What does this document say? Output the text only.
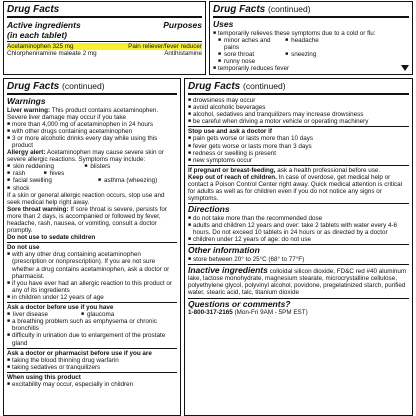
Drug Facts
Active ingredients
(in each tablet)
Purposes
Acetaminophen 325 mg	Pain reliever/fever reducer
Chlorpheniramine maleate 2 mg	Antihistamine
Drug Facts (continued)
Uses
■ temporarily relieves these symptoms due to a cold or flu:
■ minor aches and pains
■ headache
■ sore throat	■ sneezing
■ runny nose
■ temporarily reduces fever
Drug Facts (continued)
Warnings
Liver warning: This product contains acetaminophen. Severe liver damage may occur if you take
■ more than 4,000 mg of acetaminophen in 24 hours
■ with other drugs containing acetaminophen
■ 3 or more alcoholic drinks every day while using this product
Allergy alert: Acetaminophen may cause severe skin or severe allergic reactions. Symptoms may include:
■ skin reddening	■ blisters
■ rash	■ hives
■ facial swelling	■ asthma (wheezing)
■ shock
If a skin or general allergic reaction occurs, stop use and seek medical help right away.
Sore throat warning: If sore throat is severe, persists for more than 2 days, is accompanied or followed by fever, headache, rash, nausea, or vomiting, consult a doctor promptly.
Do not use to sedate children
Do not use
■ with any other drug containing acetaminophen (prescription or nonprescription). If you are not sure whether a drug contains acetaminophen, ask a doctor or pharmacist.
■ if you have ever had an allergic reaction to this product or any of its ingredients
■ in children under 12 years of age
Ask a doctor before use if you have
■ liver disease	■ glaucoma
■ a breathing problem such as emphysema or chronic bronchitis
■ difficulty in urination due to enlargement of the prostate gland
Ask a doctor or pharmacist before use if you are
■ taking the blood thinning drug warfarin
■ taking sedatives or tranquilizers
When using this product
■ excitability may occur, especially in children
Drug Facts (continued)
■ drowsiness may occur
■ avoid alcoholic beverages
■ alcohol, sedatives and tranquilizers may increase drowsiness
■ be careful when driving a motor vehicle or operating machinery
Stop use and ask a doctor if
■ pain gets worse or lasts more than 10 days
■ fever gets worse or lasts more than 3 days
■ redness or swelling is present
■ new symptoms occur
If pregnant or breast-feeding, ask a health professional before use.
Keep out of reach of children. In case of overdose, get medical help or contact a Poison Control Center right away. Quick medical attention is critical for adults as well as for children even if you do not notice any signs or symptoms.
Directions
■ do not take more than the recommended dose
■ adults and children 12 years and over: take 2 tablets with water every 4-6 hours. Do not exceed 10 tablets in 24 hours or as directed by a doctor
■ children under 12 years of age: do not use
Other information
■ store between 20° to 25°C (68° to 77°F)
Inactive ingredients colloidal silicon dioxide, FD&C red #40 aluminum lake, lactose monohydrate, magnesium stearate, microcrystalline cellulose, polyethylene glycol, polyvinyl alcohol, povidone, pregelatinized starch, purified water, stearic acid, talc, titanium dioxide
Questions or comments?
1-800-317-2165 (Mon-Fri 9AM - 5PM EST)
